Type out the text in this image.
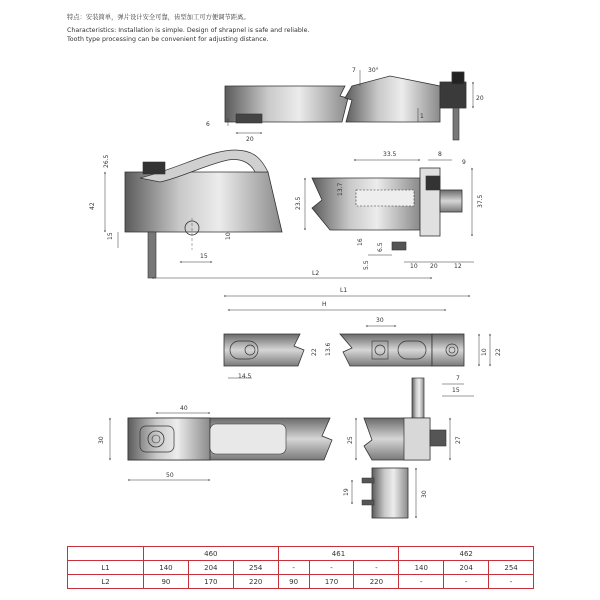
特点：安装简单，弹片设计安全可靠，齿型加工可方便调节距离。
Characteristics: Installation is simple. Design of shrapnel is safe and reliable.
Tooth type processing can be convenient for adjusting distance.
20
6
20
7 30°
1
26.5
42
15
15
10
L2
33.5	8
9
13.7
23.5	37.5
16
6.5
5.5	10 20	12
L1
H
30
13.6
22	10 22
14.5	7
15
40
30
50
25	27
19	30
	460			461			462		
L1	140	204	254	-	-	-	140	204	254
L2	90	170	220	90	170	220	-	-	-
